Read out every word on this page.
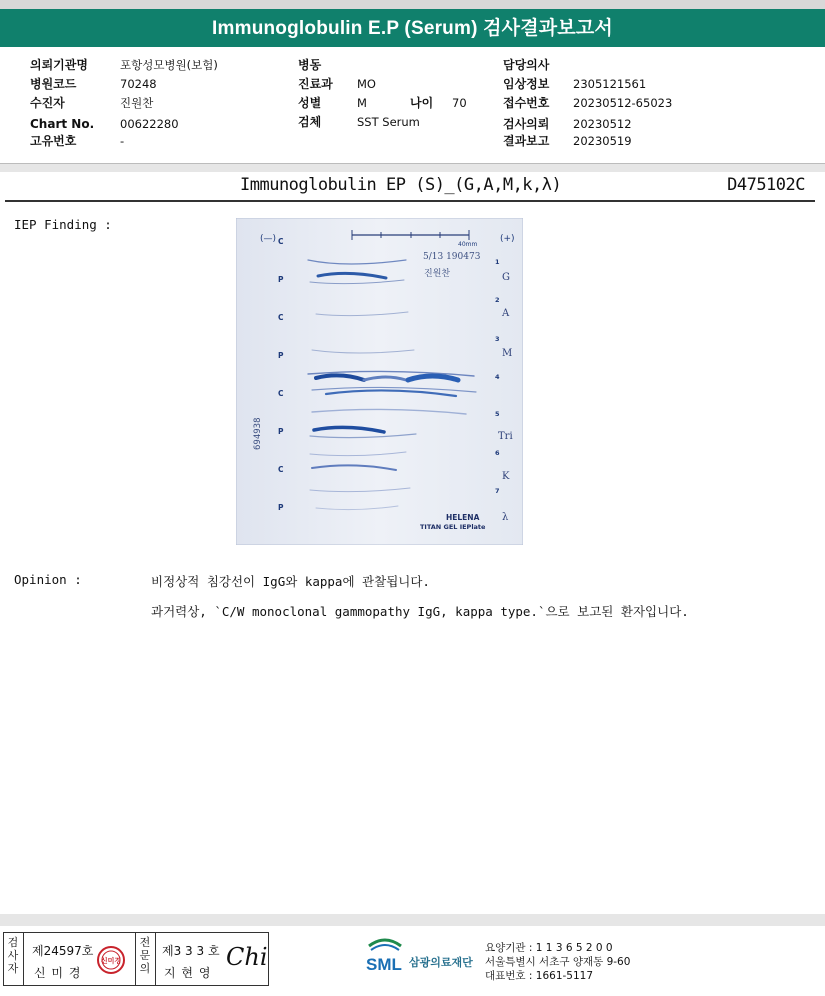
Immunoglobulin E.P (Serum) 검사결과보고서
의뢰기관명	포항성모병원(보험)
병원코드	70248
수진자	진원찬
Chart No. 00622280
고유번호	-
병동
진료과 MO
성별	M	나이 70
검체	SST Serum
담당의사
임상정보 2305121561
접수번호 20230512-65023
검사의뢰 20230512
결과보고 20230519
Immunoglobulin EP (S)_(G,A,M,k,λ)	D475102C
IEP Finding :
(—)	(+)
40mm
5/13 190473
진원찬
694938
C
P
C
P
C
P
C
P
1
2
3
4
5
6
7
G
A
M
Tri
K
λ
HELENA
TITAN GEL IEPlate
Opinion :	비정상적 침강선이 IgG와 kappa에 관찰됩니다.
과거력상, `C/W monoclonal gammopathy IgG, kappa type.`으로 보고된 환자입니다.
검사자
제24597호
신 미 경
신미경
전문의
제3 3 3 호
지 현 영
Chi	SML 삼광의료재단
요양기관 : 1 1 3 6 5 2 0 0
서울특별시 서초구 양재동 9-60
대표번호 : 1661-5117
